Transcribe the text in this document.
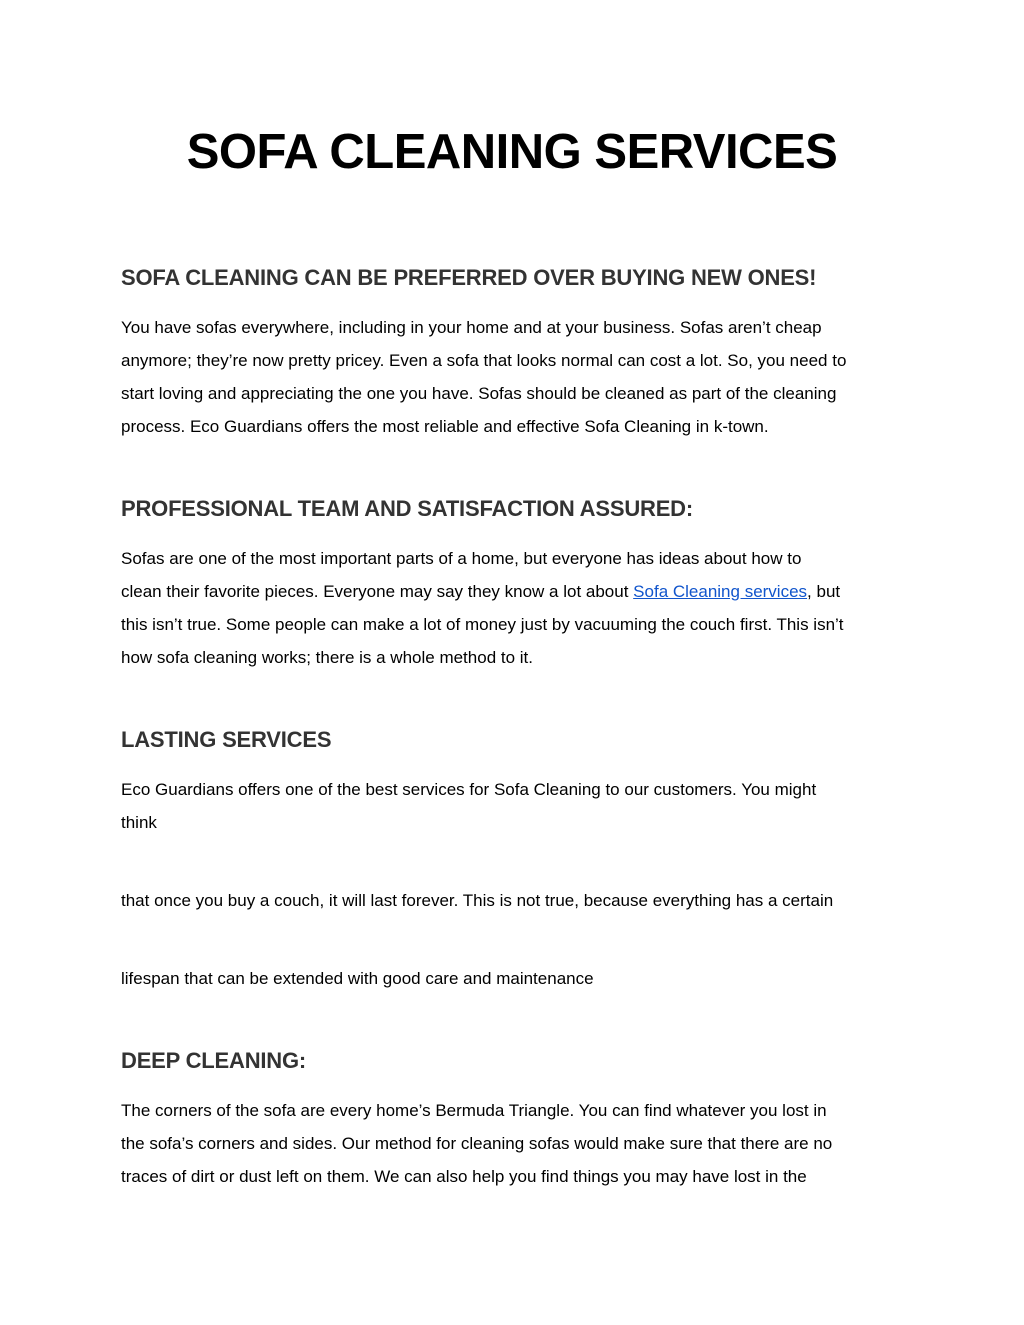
SOFA CLEANING SERVICES
SOFA CLEANING CAN BE PREFERRED OVER BUYING NEW ONES!

You have sofas everywhere, including in your home and at your business. Sofas aren’t cheap
anymore; they’re now pretty pricey. Even a sofa that looks normal can cost a lot. So, you need to
start loving and appreciating the one you have. Sofas should be cleaned as part of the cleaning
process. Eco Guardians offers the most reliable and effective Sofa Cleaning in k-town.

PROFESSIONAL TEAM AND SATISFACTION ASSURED:

Sofas are one of the most important parts of a home, but everyone has ideas about how to
clean their favorite pieces. Everyone may say they know a lot about Sofa Cleaning services, but
this isn’t true. Some people can make a lot of money just by vacuuming the couch first. This isn’t
how sofa cleaning works; there is a whole method to it.

LASTING SERVICES

Eco Guardians offers one of the best services for Sofa Cleaning to our customers. You might
think

that once you buy a couch, it will last forever. This is not true, because everything has a certain

lifespan that can be extended with good care and maintenance

DEEP CLEANING:

The corners of the sofa are every home’s Bermuda Triangle. You can find whatever you lost in
the sofa’s corners and sides. Our method for cleaning sofas would make sure that there are no
traces of dirt or dust left on them. We can also help you find things you may have lost in the
